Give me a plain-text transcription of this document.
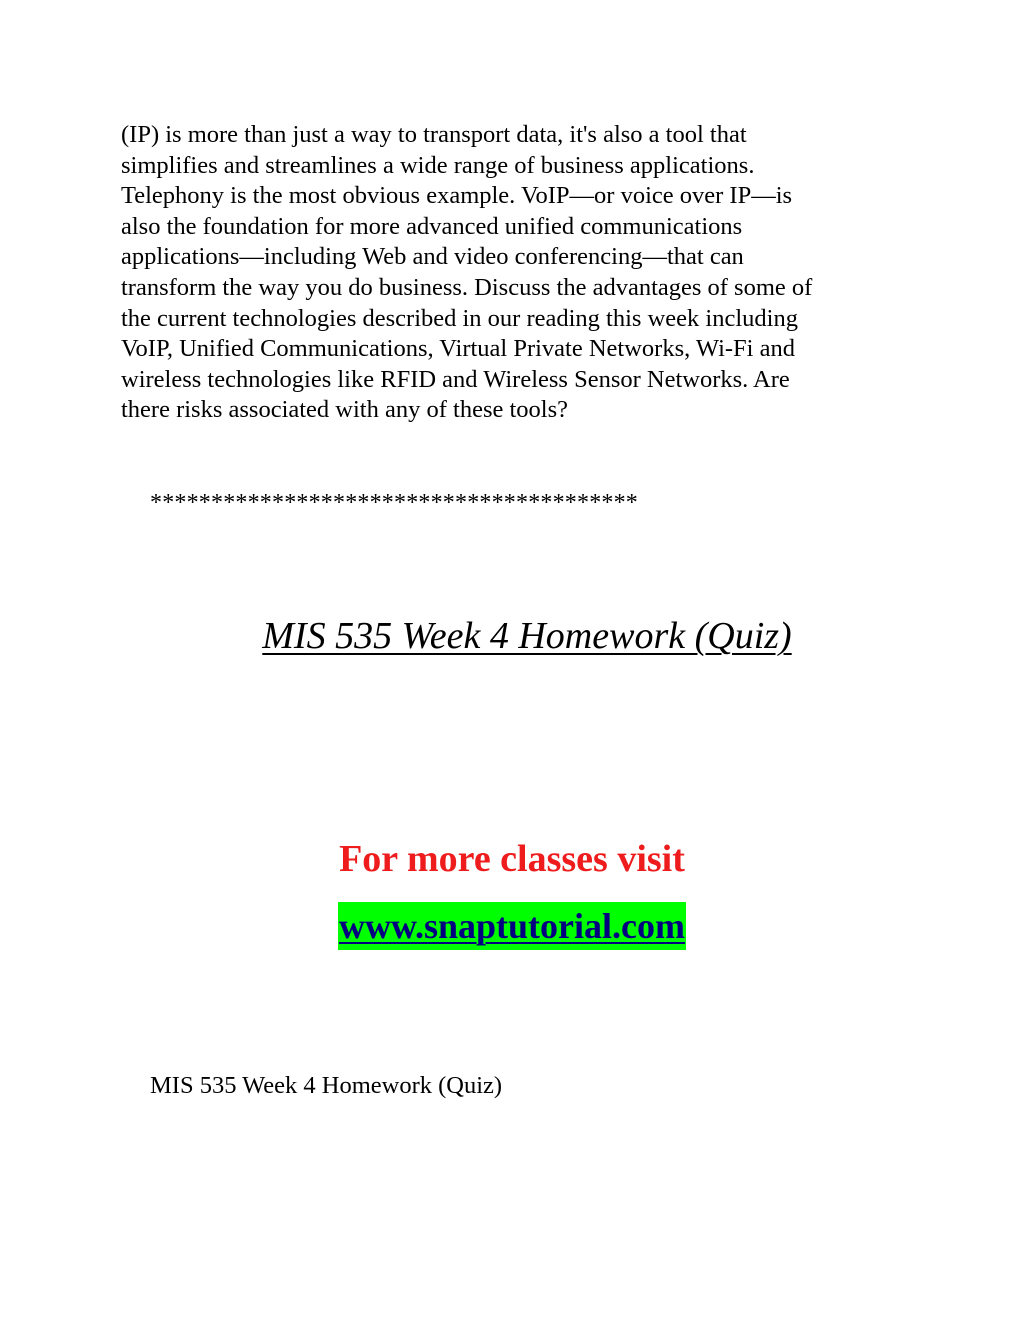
(IP) is more than just a way to transport data, it's also a tool that
simplifies and streamlines a wide range of business applications.
Telephony is the most obvious example. VoIP—or voice over IP—is
also the foundation for more advanced unified communications
applications—including Web and video conferencing—that can
transform the way you do business. Discuss the advantages of some of
the current technologies described in our reading this week including
VoIP, Unified Communications, Virtual Private Networks, Wi-Fi and
wireless technologies like RFID and Wireless Sensor Networks. Are
there risks associated with any of these tools?

****************************************
MIS 535 Week 4 Homework (Quiz)
For more classes visit
www.snaptutorial.com
MIS 535 Week 4 Homework (Quiz)
